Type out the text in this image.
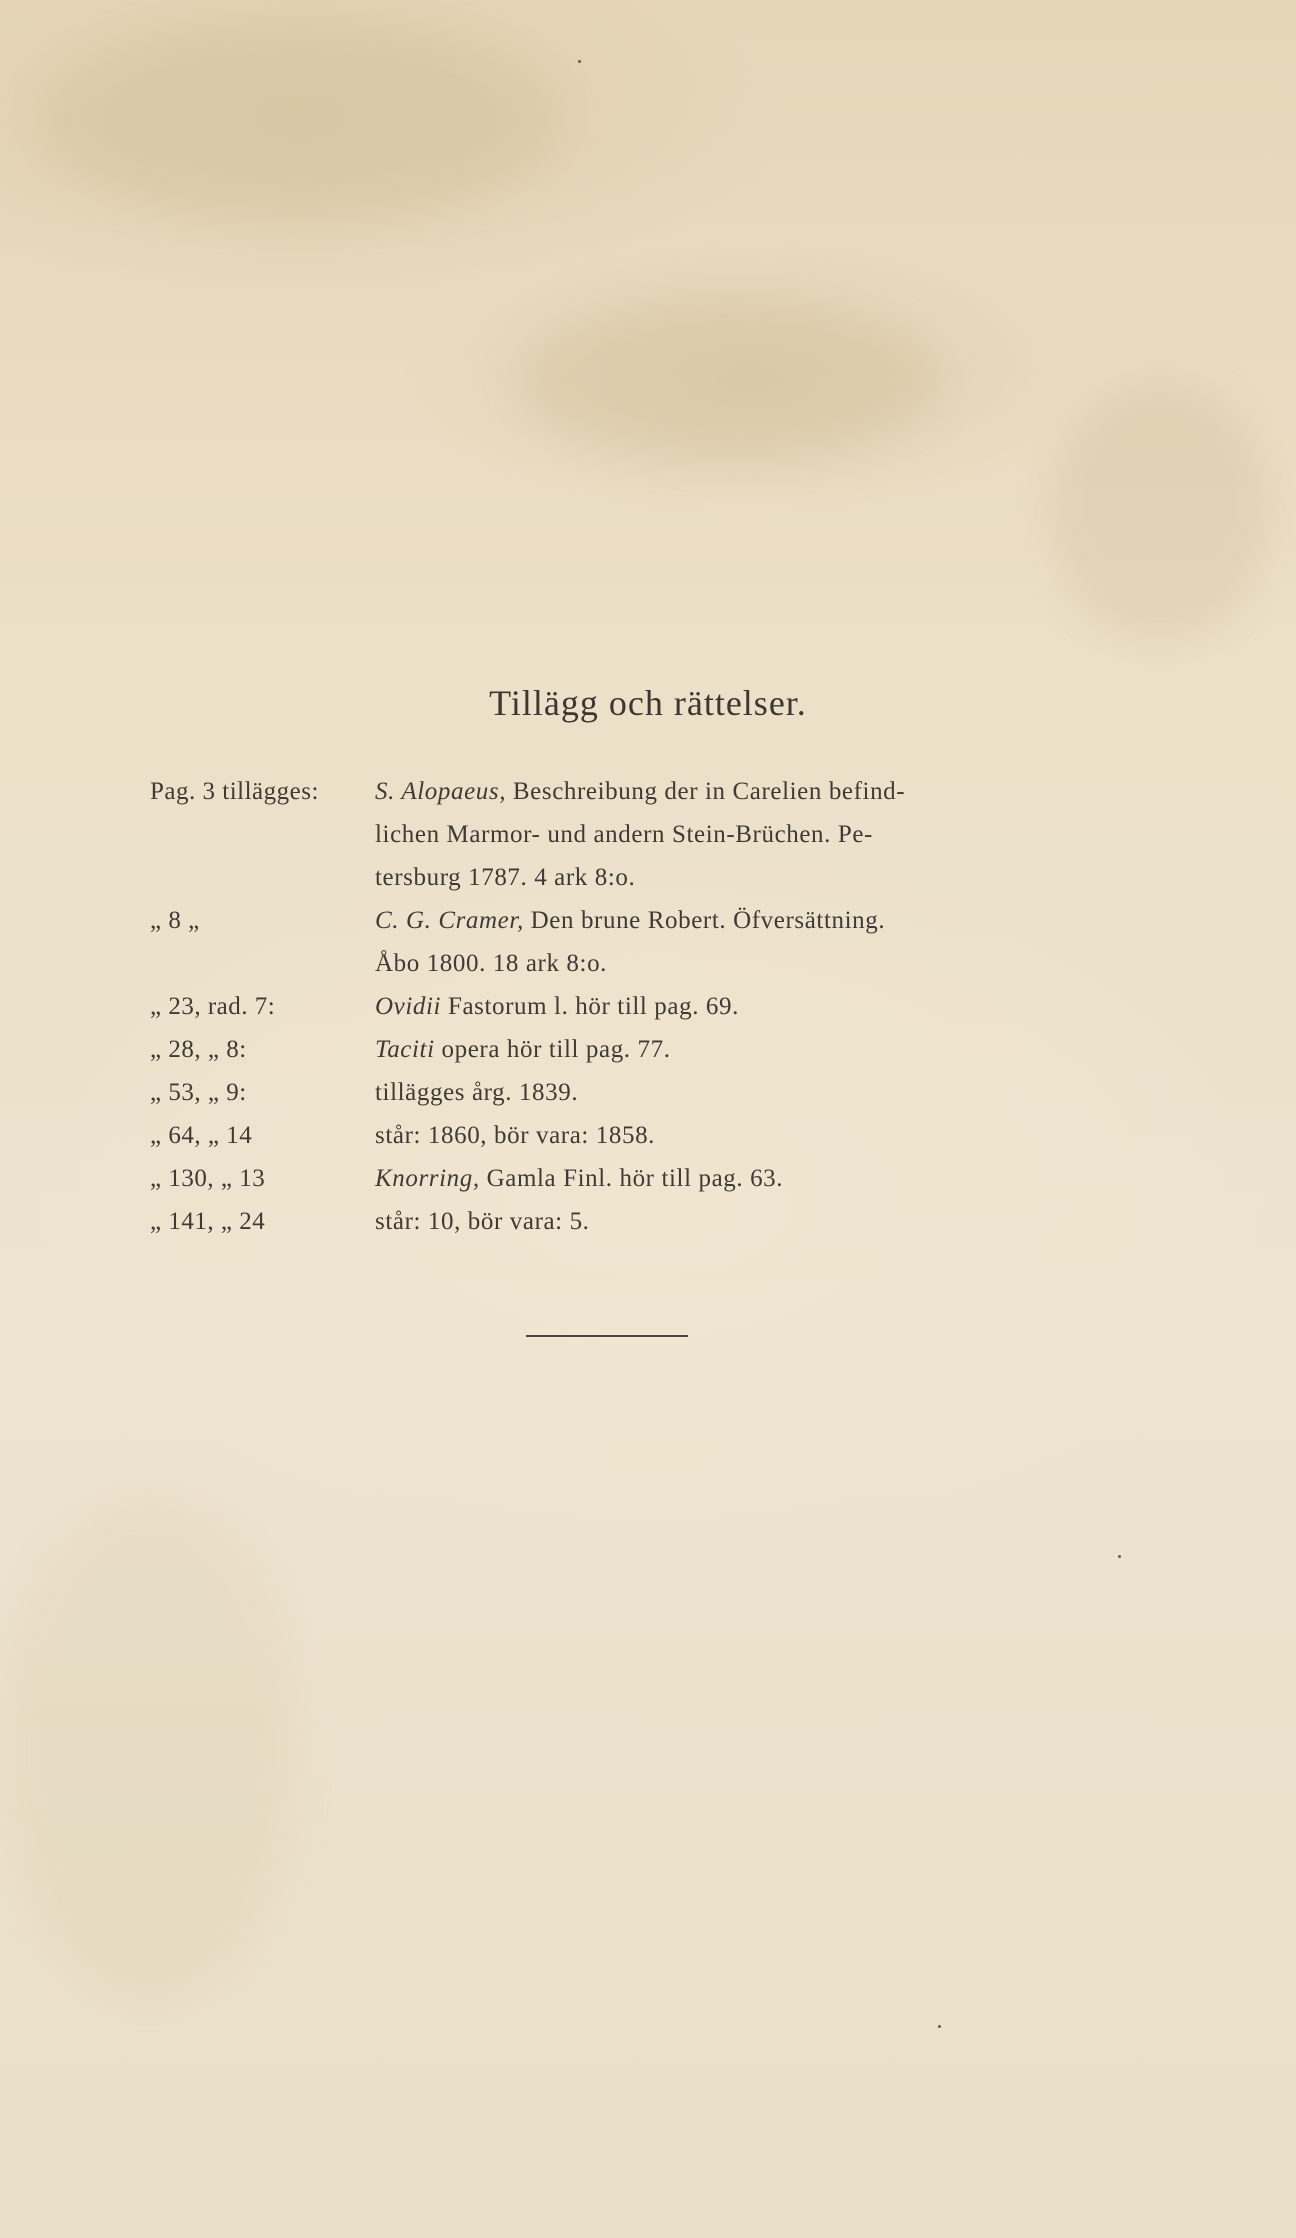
Tillägg och rättelser.
Pag. 3 tillägges:	S. Alopaeus, Beschreibung der in Carelien befind-
lichen Marmor- und andern Stein-Brüchen. Pe-
tersburg 1787. 4 ark 8:o.
„ 8 „	C. G. Cramer, Den brune Robert. Öfversättning.
Åbo 1800. 18 ark 8:o.
„ 23, rad. 7:	Ovidii Fastorum l. hör till pag. 69.
„ 28, „ 8:	Taciti opera hör till pag. 77.
„ 53, „ 9:	tillägges årg. 1839.
„ 64, „ 14	står: 1860, bör vara: 1858.
„ 130, „ 13	Knorring, Gamla Finl. hör till pag. 63.
„ 141, „ 24	står: 10, bör vara: 5.
